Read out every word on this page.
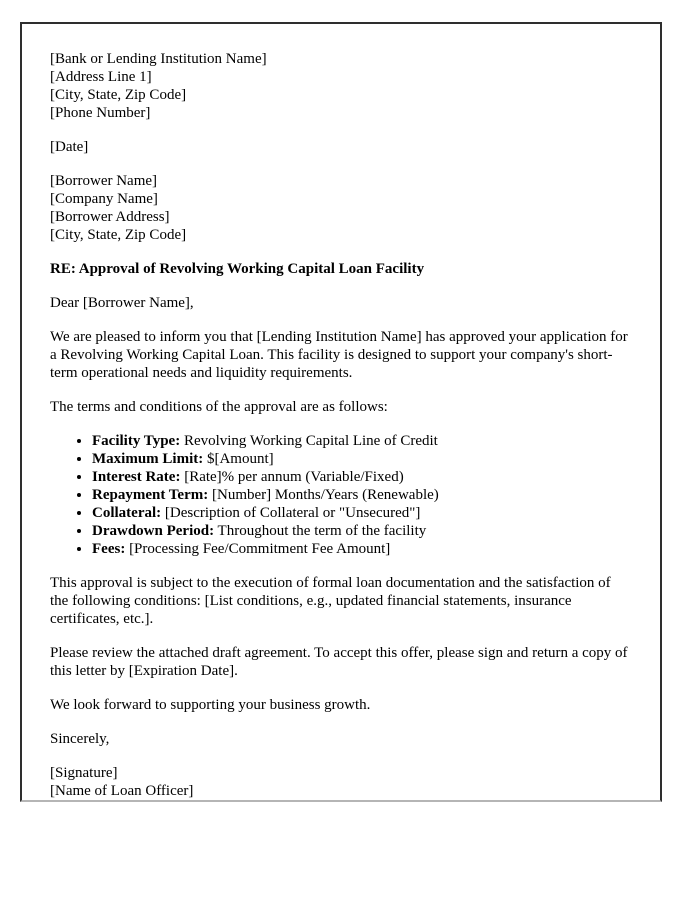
[Bank or Lending Institution Name]
[Address Line 1]
[City, State, Zip Code]
[Phone Number]
[Date]
[Borrower Name]
[Company Name]
[Borrower Address]
[City, State, Zip Code]
RE: Approval of Revolving Working Capital Loan Facility
Dear [Borrower Name],
We are pleased to inform you that [Lending Institution Name] has approved your application for a Revolving Working Capital Loan. This facility is designed to support your company's short-term operational needs and liquidity requirements.
The terms and conditions of the approval are as follows:
• Facility Type: Revolving Working Capital Line of Credit
• Maximum Limit: $[Amount]
• Interest Rate: [Rate]% per annum (Variable/Fixed)
• Repayment Term: [Number] Months/Years (Renewable)
• Collateral: [Description of Collateral or "Unsecured"]
• Drawdown Period: Throughout the term of the facility
• Fees: [Processing Fee/Commitment Fee Amount]
This approval is subject to the execution of formal loan documentation and the satisfaction of the following conditions: [List conditions, e.g., updated financial statements, insurance certificates, etc.].
Please review the attached draft agreement. To accept this offer, please sign and return a copy of this letter by [Expiration Date].
We look forward to supporting your business growth.
Sincerely,
[Signature]
[Name of Loan Officer]
